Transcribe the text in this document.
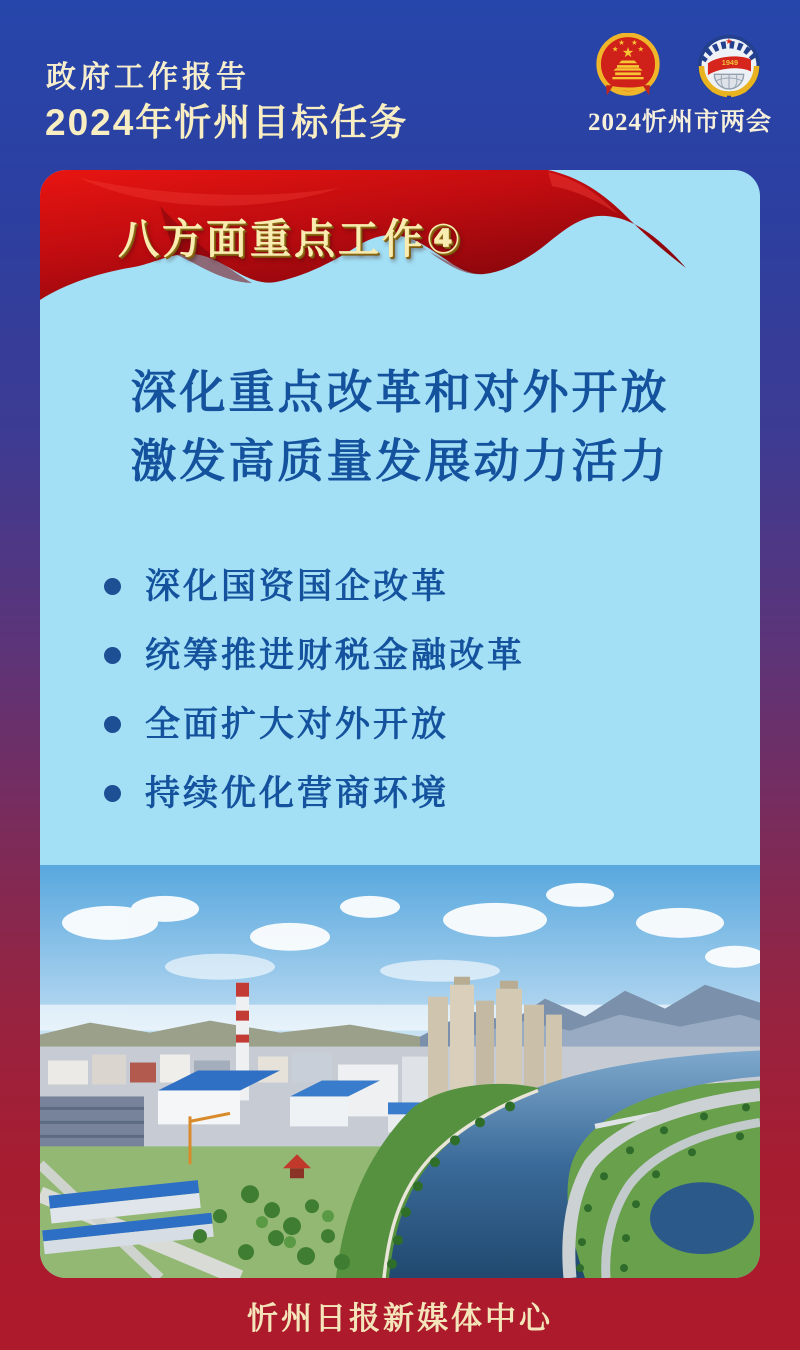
政府工作报告
2024年忻州目标任务
★
★
★ ★
★
★
1949
2024忻州市两会
八方面重点工作④
深化重点改革和对外开放
激发高质量发展动力活力
深化国资国企改革
统筹推进财税金融改革
全面扩大对外开放
持续优化营商环境
忻州日报新媒体中心
